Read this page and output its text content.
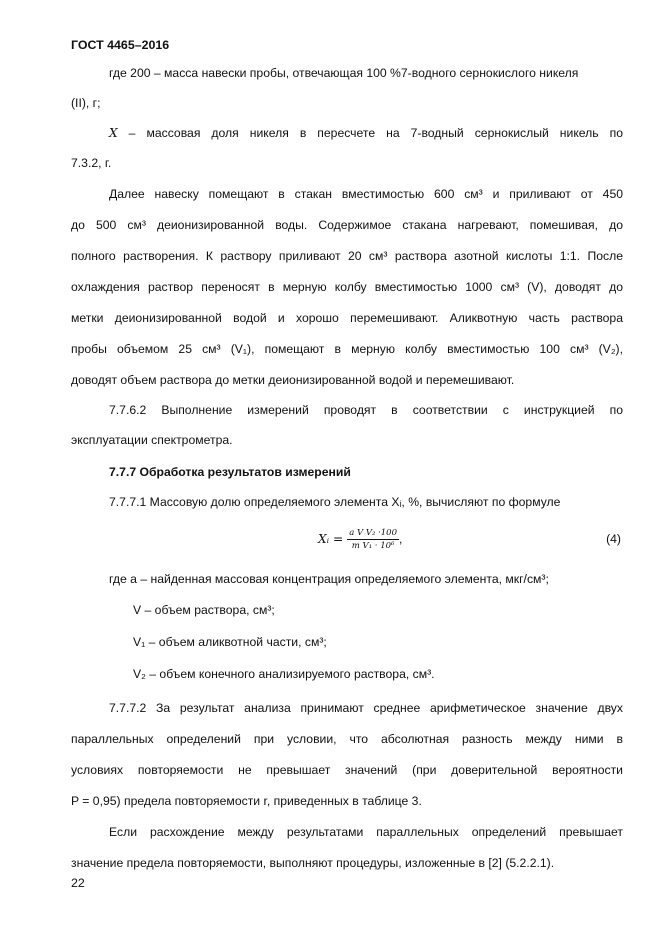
ГОСТ 4465–2016
где 200 – масса навески пробы, отвечающая 100 %7-водного сернокислого никеля
(II), г;
X – массовая доля никеля в пересчете на 7-водный сернокислый никель по
7.3.2, г.
Далее навеску помещают в стакан вместимостью 600 см³ и приливают от 450
до 500 см³ деионизированной воды. Содержимое стакана нагревают, помешивая, до
полного растворения. К раствору приливают 20 см³ раствора азотной кислоты 1:1. После
охлаждения раствор переносят в мерную колбу вместимостью 1000 см³ (V), доводят до
метки деионизированной водой и хорошо перемешивают. Аликвотную часть раствора
пробы объемом 25 см³ (V₁), помещают в мерную колбу вместимостью 100 см³ (V₂),
доводят объем раствора до метки деионизированной водой и перемешивают.
7.7.6.2 Выполнение измерений проводят в соответствии с инструкцией по
эксплуатации спектрометра.
7.7.7 Обработка результатов измерений
7.7.7.1 Массовую долю определяемого элемента Xᵢ, %, вычисляют по формуле
Xᵢ = $\frac{\text{a V V₂ ·100}}{\text{m V₁ · 10⁶}}$ ,	(4)
где a – найденная массовая концентрация определяемого элемента, мкг/см³;
V – объем раствора, см³;
V₁ – объем аликвотной части, см³;
V₂ – объем конечного анализируемого раствора, см³.
7.7.7.2 За результат анализа принимают среднее арифметическое значение двух
параллельных определений при условии, что абсолютная разность между ними в
условиях повторяемости не превышает значений (при доверительной вероятности
P = 0,95) предела повторяемости r, приведенных в таблице 3.
Если расхождение между результатами параллельных определений превышает
значение предела повторяемости, выполняют процедуры, изложенные в [2] (5.2.2.1).
22
